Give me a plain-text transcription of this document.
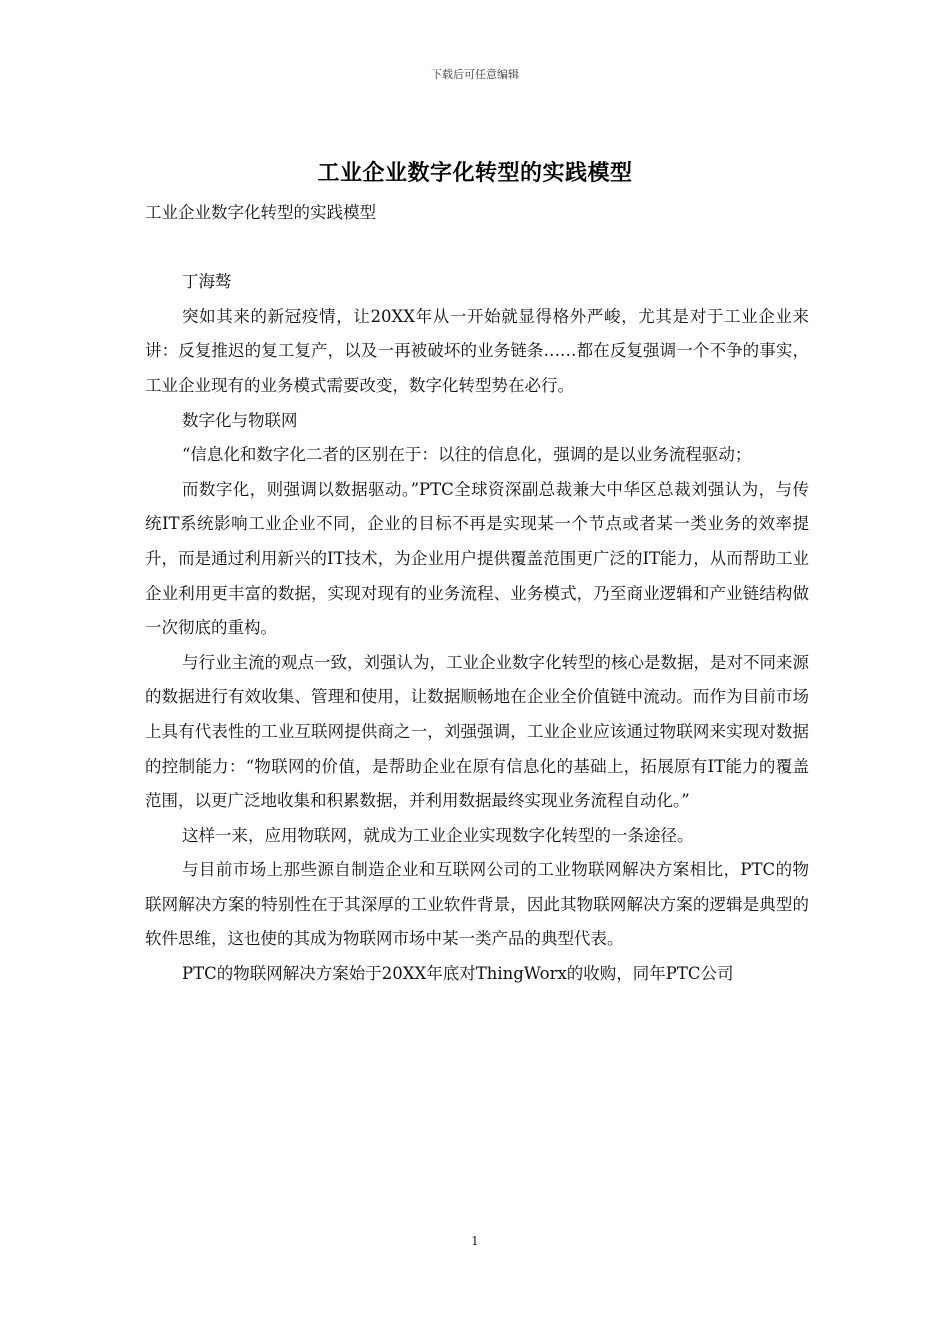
下载后可任意编辑
工业企业数字化转型的实践模型

工业企业数字化转型的实践模型

丁海骜

突如其来的新冠疫情，让20XX年从一开始就显得格外严峻，尤其是对于工业企业来讲：反复推迟的复工复产，以及一再被破坏的业务链条……都在反复强调一个不争的事实，工业企业现有的业务模式需要改变，数字化转型势在必行。

数字化与物联网

“信息化和数字化二者的区别在于：以往的信息化，强调的是以业务流程驱动；

而数字化，则强调以数据驱动。”PTC全球资深副总裁兼大中华区总裁刘强认为，与传统IT系统影响工业企业不同，企业的目标不再是实现某一个节点或者某一类业务的效率提升，而是通过利用新兴的IT技术，为企业用户提供覆盖范围更广泛的IT能力，从而帮助工业企业利用更丰富的数据，实现对现有的业务流程、业务模式，乃至商业逻辑和产业链结构做一次彻底的重构。

与行业主流的观点一致，刘强认为，工业企业数字化转型的核心是数据，是对不同来源的数据进行有效收集、管理和使用，让数据顺畅地在企业全价值链中流动。而作为目前市场上具有代表性的工业互联网提供商之一，刘强强调，工业企业应该通过物联网来实现对数据的控制能力：“物联网的价值，是帮助企业在原有信息化的基础上，拓展原有IT能力的覆盖范围，以更广泛地收集和积累数据，并利用数据最终实现业务流程自动化。”

这样一来，应用物联网，就成为工业企业实现数字化转型的一条途径。

与目前市场上那些源自制造企业和互联网公司的工业物联网解决方案相比，PTC的物联网解决方案的特别性在于其深厚的工业软件背景，因此其物联网解决方案的逻辑是典型的软件思维，这也使的其成为物联网市场中某一类产品的典型代表。

PTC的物联网解决方案始于20XX年底对ThingWorx的收购，同年PTC公司

1
